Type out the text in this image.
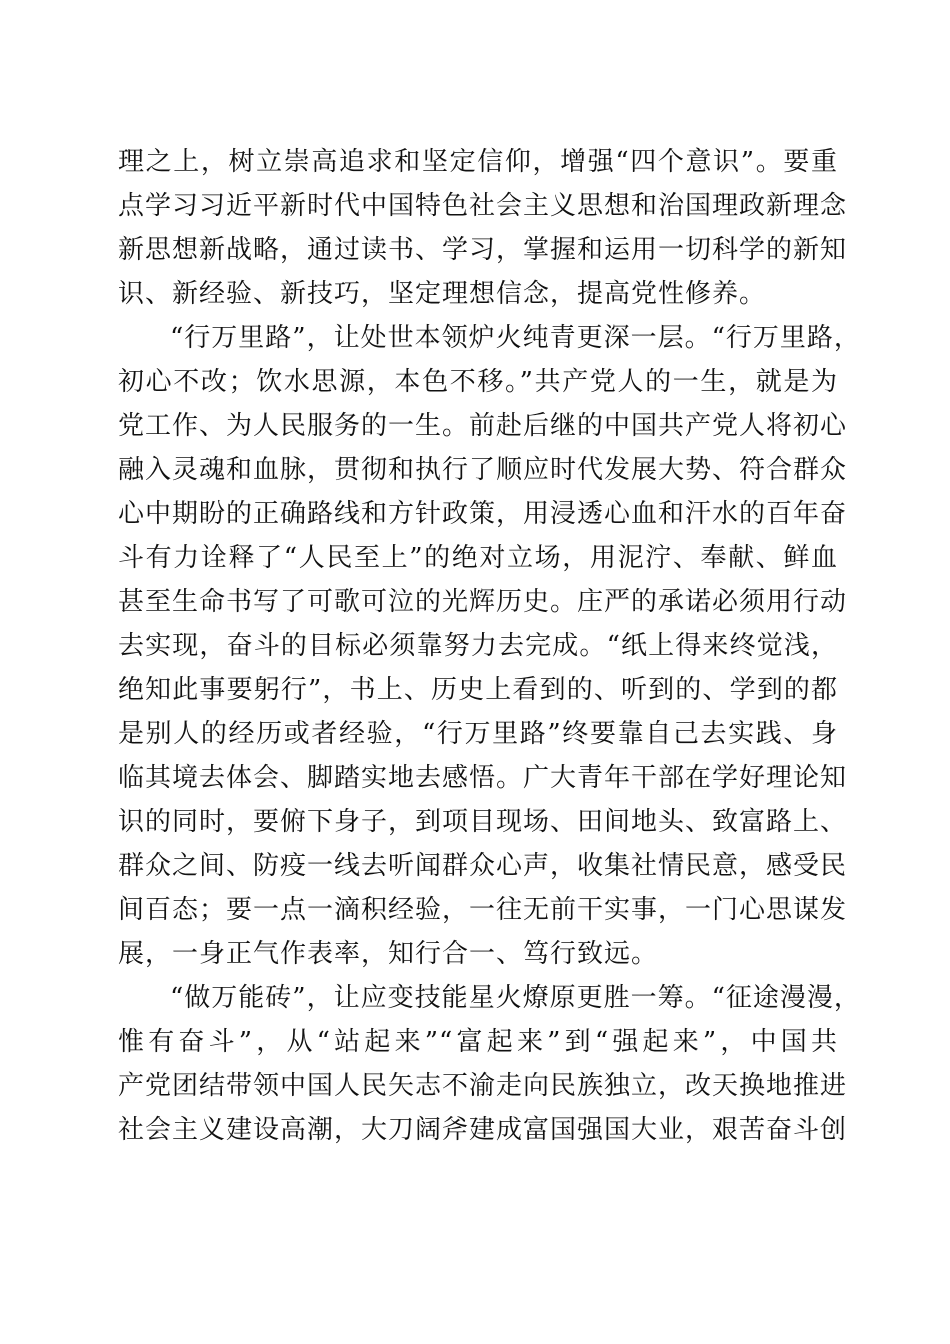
理之上，树立崇高追求和坚定信仰，增强“四个意识”。要重
点学习习近平新时代中国特色社会主义思想和治国理政新理念
新思想新战略，通过读书、学习，掌握和运用一切科学的新知
识、新经验、新技巧，坚定理想信念，提高党性修养。
“行万里路”，让处世本领炉火纯青更深一层。“行万里路，
初心不改；饮水思源，本色不移。”共产党人的一生，就是为
党工作、为人民服务的一生。前赴后继的中国共产党人将初心
融入灵魂和血脉，贯彻和执行了顺应时代发展大势、符合群众
心中期盼的正确路线和方针政策，用浸透心血和汗水的百年奋
斗有力诠释了“人民至上”的绝对立场，用泥泞、奉献、鲜血
甚至生命书写了可歌可泣的光辉历史。庄严的承诺必须用行动
去实现，奋斗的目标必须靠努力去完成。“纸上得来终觉浅，
绝知此事要躬行”，书上、历史上看到的、听到的、学到的都
是别人的经历或者经验，“行万里路”终要靠自己去实践、身
临其境去体会、脚踏实地去感悟。广大青年干部在学好理论知
识的同时，要俯下身子，到项目现场、田间地头、致富路上、
群众之间、防疫一线去听闻群众心声，收集社情民意，感受民
间百态；要一点一滴积经验，一往无前干实事，一门心思谋发
展，一身正气作表率，知行合一、笃行致远。
“做万能砖”，让应变技能星火燎原更胜一筹。“征途漫漫，
惟有奋斗”，从“站起来”“富起来”到“强起来”，中国共
产党团结带领中国人民矢志不渝走向民族独立，改天换地推进
社会主义建设高潮，大刀阔斧建成富国强国大业，艰苦奋斗创
